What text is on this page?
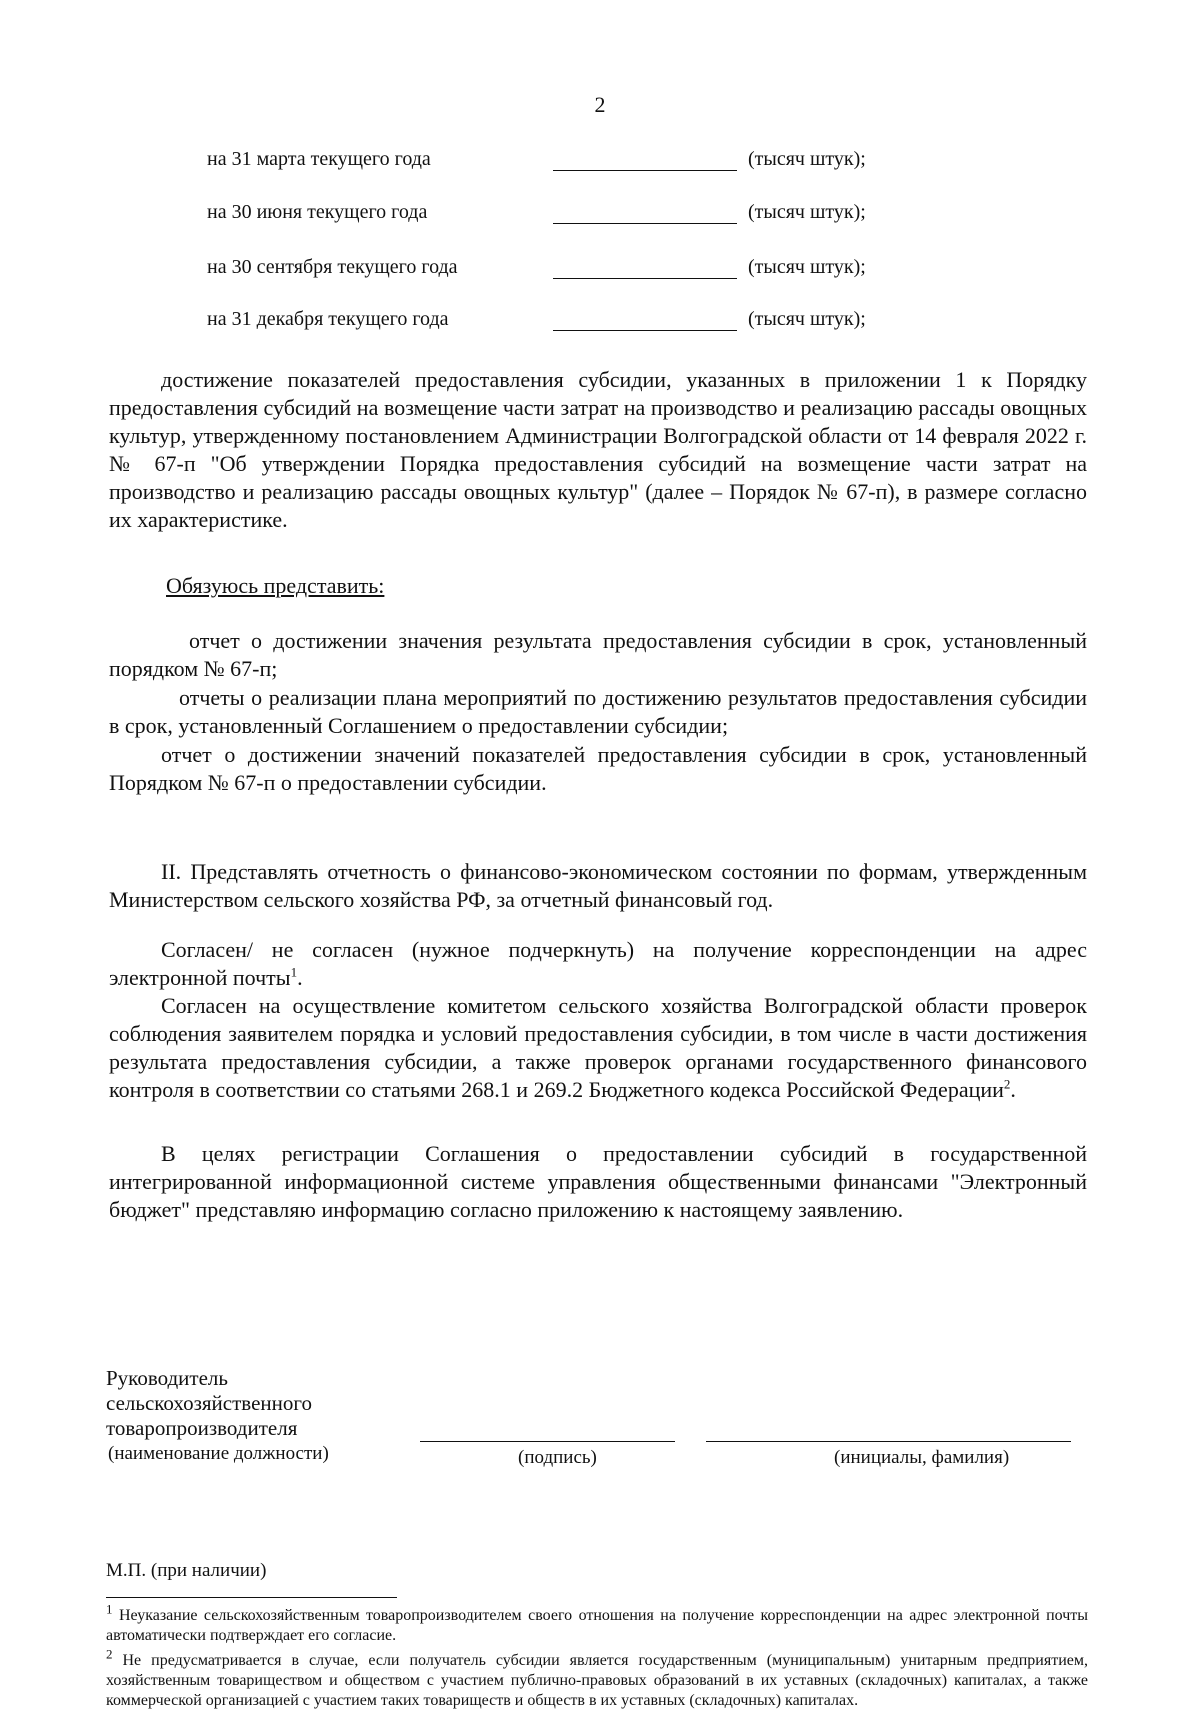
2
на 31 марта текущего года	(тысяч штук);
на 30 июня текущего года	(тысяч штук);
на 30 сентября текущего года	(тысяч штук);
на 31 декабря текущего года	(тысяч штук);

достижение показателей предоставления субсидии, указанных в приложении 1 к Порядку предоставления субсидий на возмещение части затрат на производство и реализацию рассады овощных культур, утвержденному постановлением Администрации Волгоградской области от 14 февраля 2022 г. № 67-п "Об утверждении Порядка предоставления субсидий на возмещение части затрат на производство и реализацию рассады овощных культур" (далее – Порядок № 67-п), в размере согласно их характеристике.

Обязуюсь представить:

отчет о достижении значения результата предоставления субсидии в срок, установленный порядком № 67-п;

отчеты о реализации плана мероприятий по достижению результатов предоставления субсидии в срок, установленный Соглашением о предоставлении субсидии;

отчет о достижении значений показателей предоставления субсидии в срок, установленный Порядком № 67-п о предоставлении субсидии.

II. Представлять отчетность о финансово-экономическом состоянии по формам, утвержденным Министерством сельского хозяйства РФ, за отчетный финансовый год.

Согласен/ не согласен (нужное подчеркнуть) на получение корреспонденции на адрес электронной почты$^1$.

Согласен на осуществление комитетом сельского хозяйства Волгоградской области проверок соблюдения заявителем порядка и условий предоставления субсидии, в том числе в части достижения результата предоставления субсидии, а также проверок органами государственного финансового контроля в соответствии со статьями 268.1 и 269.2 Бюджетного кодекса Российской Федерации$^2$.

В целях регистрации Соглашения о предоставлении субсидий в государственной интегрированной информационной системе управления общественными финансами "Электронный бюджет" представляю информацию согласно приложению к настоящему заявлению.

Руководитель
сельскохозяйственного
товаропроизводителя
(наименование должности)	(подпись)	(инициалы, фамилия)
М.П. (при наличии)

$^1$ Неуказание сельскохозяйственным товаропроизводителем своего отношения на получение корреспонденции на адрес электронной почты автоматически подтверждает его согласие.

$^2$ Не предусматривается в случае, если получатель субсидии является государственным (муниципальным) унитарным предприятием, хозяйственным товариществом и обществом с участием публично-правовых образований в их уставных (складочных) капиталах, а также коммерческой организацией с участием таких товариществ и обществ в их уставных (складочных) капиталах.
